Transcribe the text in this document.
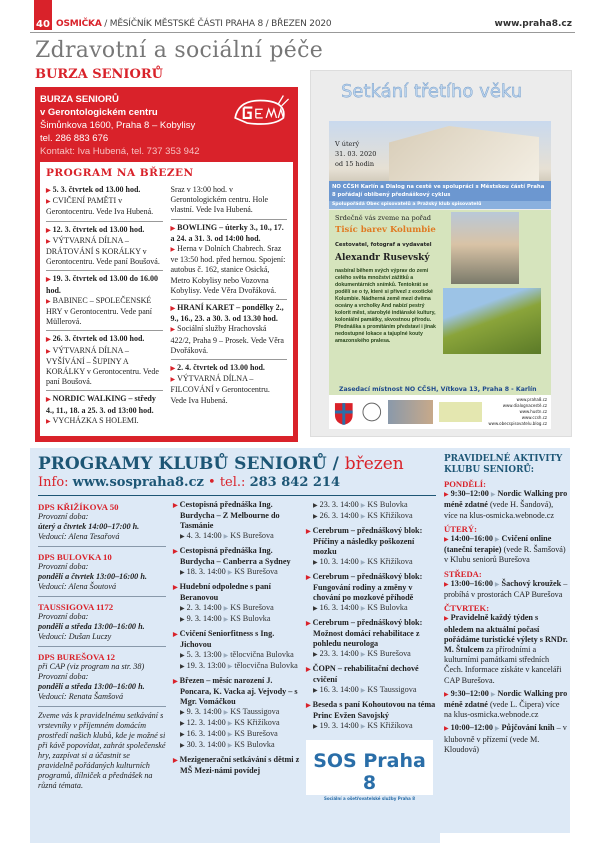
40 OSMIČKA / MĚSÍČNÍK MĚSTSKÉ ČÁSTI PRAHA 8 / BŘEZEN 2020	www.praha8.cz
Zdravotní a sociální péče
BURZA SENIORŮ
BURZA SENIORŮ
v Gerontologickém centru
Šimůnkova 1600, Praha 8 – Kobylisy
tel. 286 883 676
Kontakt: Iva Hubená, tel. 737 353 942
PROGRAM NA BŘEZEN
▶ 5. 3. čtvrtek od 13.00 hod.
▶ CVIČENÍ PAMĚTI v Gerontocentru. Vede Iva Hubená.
▶ 12. 3. čtvrtek od 13.00 hod.
▶ VÝTVARNÁ DÍLNA – DRÁTOVÁNÍ S KORÁLKY v Gerontocentru. Vede paní Boušová.
▶ 19. 3. čtvrtek od 13.00 do 16.00 hod.
▶ BABINEC – SPOLEČENSKÉ HRY v Gerontocentru. Vede paní Müllerová.
▶ 26. 3. čtvrtek od 13.00 hod.
▶ VÝTVARNÁ DÍLNA – VYŠÍVÁNÍ – ŠUPINY A KORÁLKY v Gerontocentru. Vede paní Boušová.
▶ NORDIC WALKING – středy 4., 11., 18. a 25. 3. od 13:00 hod.
▶ VYCHÁZKA S HOLEMI.
Sraz v 13:00 hod. v Gerontologickém centru. Hole vlastní. Vede Iva Hubená.
▶ BOWLING – úterky 3., 10., 17. a 24. a 31. 3. od 14:00 hod.
▶ Herna v Dolních Chabrech. Sraz ve 13:50 hod. před hernou. Spojení: autobus č. 162, stanice Osická, Metro Kobylisy nebo Vozovna Kobylisy. Vede Věra Dvořáková.
▶ HRANÍ KARET – pondělky 2., 9., 16., 23. a 30. 3. od 13.30 hod.
▶ Sociální služby Hrachovská 422/2, Praha 9 – Prosek. Vede Věra Dvořáková.
▶ 2. 4. čtvrtek od 13.00 hod.
▶ VÝTVARNÁ DÍLNA – FILCOVÁNÍ v Gerontocentru. Vede Iva Hubená.
Setkání třetího věku
V úterý
31. 03. 2020
od 15 hodin
NO CČSH Karlín a Dialog na cestě ve spolupráci s Městskou částí Praha 8 pořádají oblíbený přednáškový cyklus
Spolupořádá Obec spisovatelů a Pražský klub spisovatelů
Srdečně vás zveme na pořad
Tisíc barev Kolumbie
Cestovatel, fotograf a vydavatel
Alexandr Rusevský
nasbíral během svých výprav do zemí celého světa množství zážitků a dokumentárních snímků. Tentokrát se podělí se o ty, které si přivezl z exotické Kolumbie. Nádherná země mezi dvěma oceány a vrcholky And nabízí pestrý kolorit měst, starobylé indiánské kultury, koloniální památky, skvostnou přírodu. Přednáška s promítáním představí i jinak nedostupné lokace a tajuplné kouty amazonského pralesa.
Zasedací místnost NO CČSH, Vítkova 13, Praha 8 - Karlín
www.praha8.cz
www.dialognacestě.cz
www.hustn.cz
www.ccsh.cz
www.obecspisovatelu.blog.cz
PROGRAMY KLUBŮ SENIORŮ / březen
Info: www.sospraha8.cz • tel.: 283 842 214
DPS KŘIŽÍKOVA 50
Provozní doba:
úterý a čtvrtek 14:00–17:00 h.
Vedoucí: Alena Tesařová
DPS BULOVKA 10
Provozní doba:
pondělí a čtvrtek 13:00–16:00 h.
Vedoucí: Alena Šoutová
TAUSSIGOVA 1172
Provozní doba:
pondělí a středa 13:00–16:00 h.
Vedoucí: Dušan Luczy
DPS BUREŠOVA 12
při CAP (viz program na str. 38)
Provozní doba:
pondělí a středa 13:00–16:00 h.
Vedoucí: Renata Šamšová
Zveme vás k pravidelnému setkávání s vrstevníky v příjemném domácím prostředí našich klubů, kde je možné si při kávě popovídat, zahrát společenské hry, zazpívat si a účastnit se pravidelně pořádaných kulturních programů, dílniček a přednášek na různá témata.
▶ Cestopisná přednáška Ing. Burdycha – Z Melbourne do Tasmánie
▶ 4. 3. 14:00 ▶ KS Burešova
▶ Cestopisná přednáška Ing. Burdycha – Canberra a Sydney
▶ 18. 3. 14:00 ▶ KS Burešova
▶ Hudební odpoledne s paní Beranovou
▶ 2. 3. 14:00 ▶ KS Burešova
▶ 9. 3. 14:00 ▶ KS Bulovka
▶ Cvičení Seniorfitness s Ing. Jichovou
▶ 5. 3. 13:00 ▶ tělocvična Bulovka
▶ 19. 3. 13:00 ▶ tělocvična Bulovka
▶ Březen – měsíc narození J. Poncara, K. Vacka aj. Vejvody – s Mgr. Vomáčkou
▶ 9. 3. 14:00 ▶ KS Taussigova
▶ 12. 3. 14:00 ▶ KS Křižíkova
▶ 16. 3. 14:00 ▶ KS Burešova
▶ 30. 3. 14:00 ▶ KS Bulovka
▶ Mezigenerační setkávání s dětmi z MŠ Mezi-námi povídej
▶ 23. 3. 14:00 ▶ KS Bulovka
▶ 26. 3. 14:00 ▶ KS Křižíkova
▶ Cerebrum – přednáškový blok: Příčiny a následky poškození mozku
▶ 10. 3. 14:00 ▶ KS Křižíkova
▶ Cerebrum – přednáškový blok: Fungování rodiny a změny v chování po mozkové příhodě
▶ 16. 3. 14:00 ▶ KS Bulovka
▶ Cerebrum – přednáškový blok: Možnost domácí rehabilitace z pohledu neurologa
▶ 23. 3. 14:00 ▶ KS Burešova
▶ ČOPN – rehabilitační dechové cvičení
▶ 16. 3. 14:00 ▶ KS Taussigova
▶ Beseda s paní Kohoutovou na téma Princ Evžen Savojský
▶ 19. 3. 14:00 ▶ KS Křižíkova
SOS Praha 8
Sociální a ošetřovatelské služby Praha 8
PRAVIDELNÉ AKTIVITY KLUBU SENIORŮ:
PONDĚLÍ:
▶ 9:30–12:00 ▶ Nordic Walking pro méně zdatné (vede H. Šandová), více na klus-osmicka.webnode.cz
ÚTERÝ:
▶ 14:00–16:00 ▶ Cvičení online (taneční terapie) (vede R. Šamšová) v Klubu seniorů Burešova
STŘEDA:
▶ 13:00–16:00 ▶ Šachový kroužek – probíhá v prostorách CAP Burešova
ČTVRTEK:
▶ Pravidelně každý týden s ohledem na aktuální počasí pořádáme turistické výlety s RNDr. M. Štulcem za přírodními a kulturními památkami středních Čech. Informace získáte v kanceláři CAP Burešova.
▶ 9:30–12:00 ▶ Nordic Walking pro méně zdatné (vede L. Čipera) více na klus-osmicka.webnode.cz
▶ 10:00–12:00 ▶ Půjčování knih – v klubovně v přízemí (vede M. Kloudová)
